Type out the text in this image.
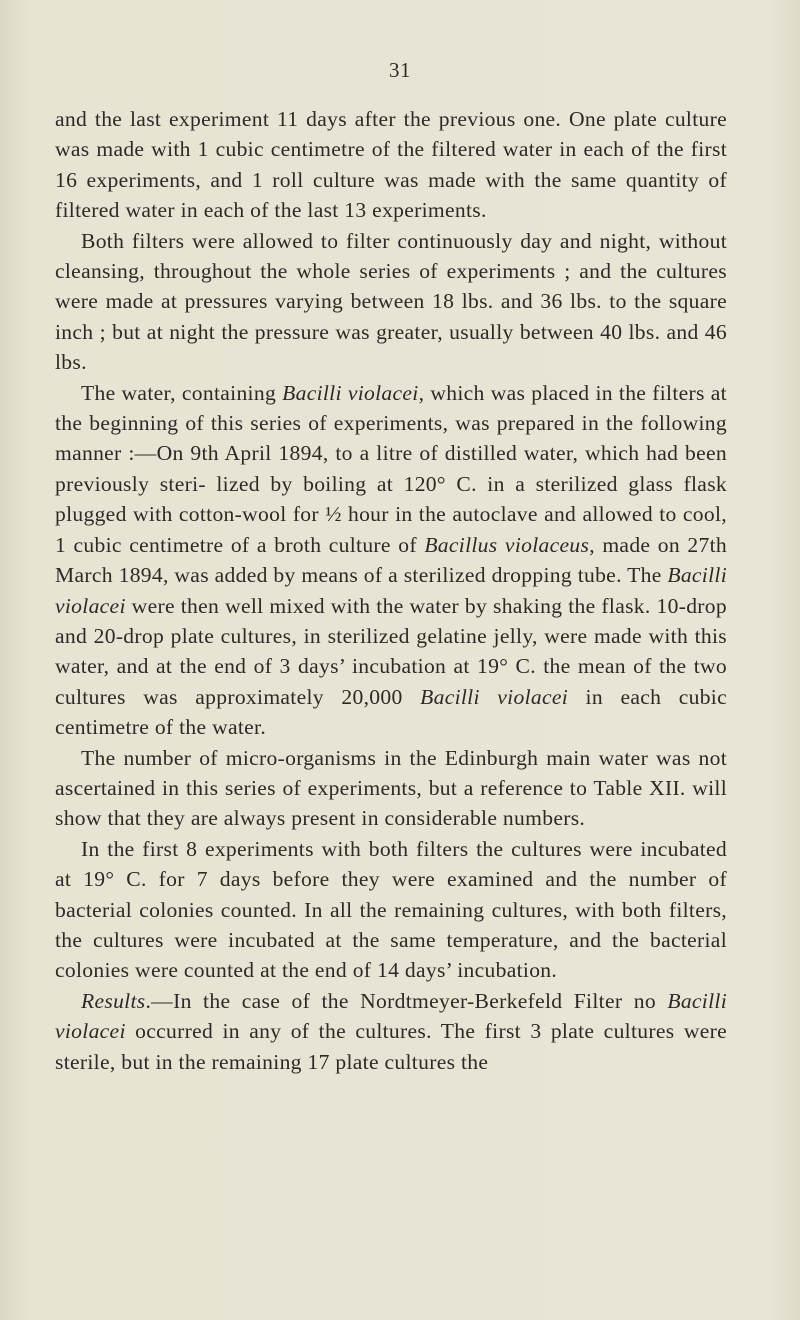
31

and the last experiment 11 days after the previous one. One plate culture was made with 1 cubic centimetre of the filtered water in each of the first 16 experiments, and 1 roll culture was made with the same quantity of filtered water in each of the last 13 experiments.

Both filters were allowed to filter continuously day and night, without cleansing, throughout the whole series of experiments ; and the cultures were made at pressures varying between 18 lbs. and 36 lbs. to the square inch ; but at night the pressure was greater, usually between 40 lbs. and 46 lbs.

The water, containing Bacilli violacei, which was placed in the filters at the beginning of this series of experiments, was prepared in the following manner :—On 9th April 1894, to a litre of distilled water, which had been previously steri- lized by boiling at 120° C. in a sterilized glass flask plugged with cotton-wool for ½ hour in the autoclave and allowed to cool, 1 cubic centimetre of a broth culture of Bacillus violaceus, made on 27th March 1894, was added by means of a sterilized dropping tube. The Bacilli violacei were then well mixed with the water by shaking the flask. 10-drop and 20-drop plate cultures, in sterilized gelatine jelly, were made with this water, and at the end of 3 days’ incubation at 19° C. the mean of the two cultures was approximately 20,000 Bacilli violacei in each cubic centimetre of the water.

The number of micro-organisms in the Edinburgh main water was not ascertained in this series of experiments, but a reference to Table XII. will show that they are always present in considerable numbers.

In the first 8 experiments with both filters the cultures were incubated at 19° C. for 7 days before they were examined and the number of bacterial colonies counted. In all the remaining cultures, with both filters, the cultures were incubated at the same temperature, and the bacterial colonies were counted at the end of 14 days’ incubation.

Results.—In the case of the Nordtmeyer-Berkefeld Filter no Bacilli violacei occurred in any of the cultures. The first 3 plate cultures were sterile, but in the remaining 17 plate cultures the
